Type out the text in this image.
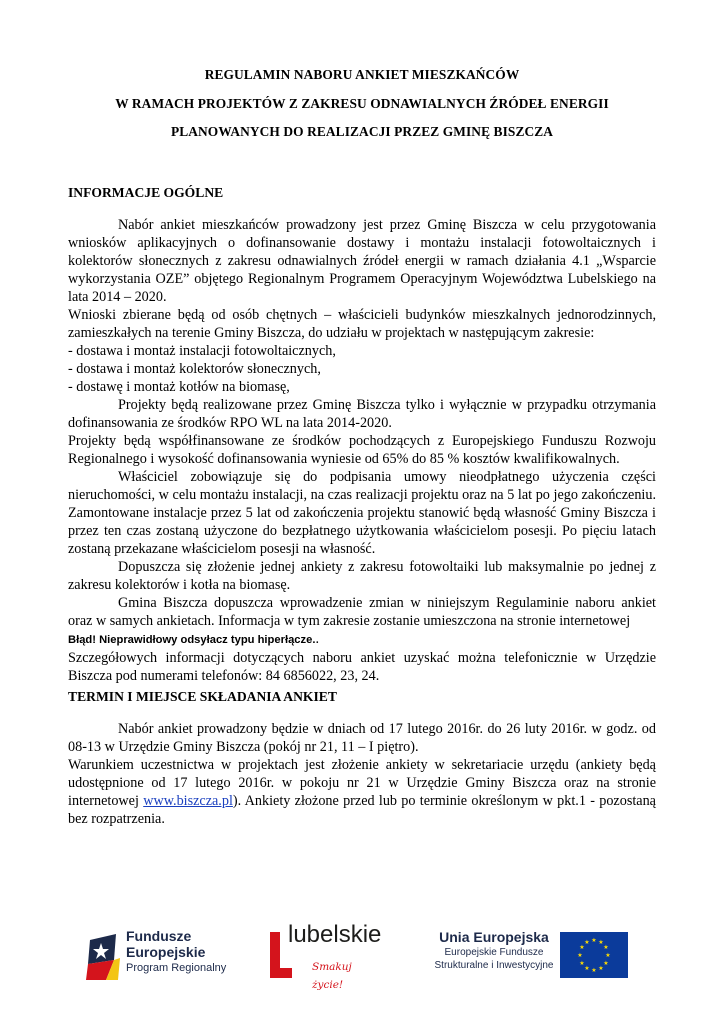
REGULAMIN NABORU ANKIET MIESZKAŃCÓW
W RAMACH PROJEKTÓW Z ZAKRESU ODNAWIALNYCH ŹRÓDEŁ ENERGII
PLANOWANYCH DO REALIZACJI PRZEZ GMINĘ BISZCZA
INFORMACJE OGÓLNE

Nabór ankiet mieszkańców prowadzony jest przez Gminę Biszcza w celu przygotowania wniosków aplikacyjnych o dofinansowanie dostawy i montażu instalacji fotowoltaicznych i kolektorów słonecznych z zakresu odnawialnych źródeł energii w ramach działania 4.1 „Wsparcie wykorzystania OZE” objętego Regionalnym Programem Operacyjnym Województwa Lubelskiego na lata 2014 – 2020.

Wnioski zbierane będą od osób chętnych – właścicieli budynków mieszkalnych jednorodzinnych, zamieszkałych na terenie Gminy Biszcza, do udziału w projektach w następującym zakresie:

- dostawa i montaż instalacji fotowoltaicznych,

- dostawa i montaż kolektorów słonecznych,

- dostawę i montaż kotłów na biomasę,

Projekty będą realizowane przez Gminę Biszcza tylko i wyłącznie w przypadku otrzymania dofinansowania ze środków RPO WL na lata 2014-2020.

Projekty będą współfinansowane ze środków pochodzących z Europejskiego Funduszu Rozwoju Regionalnego i wysokość dofinansowania wyniesie od 65% do 85 % kosztów kwalifikowalnych.

Właściciel zobowiązuje się do podpisania umowy nieodpłatnego użyczenia części nieruchomości, w celu montażu instalacji, na czas realizacji projektu oraz na 5 lat po jego zakończeniu. Zamontowane instalacje przez 5 lat od zakończenia projektu stanowić będą własność Gminy Biszcza i przez ten czas zostaną użyczone do bezpłatnego użytkowania właścicielom posesji. Po pięciu latach zostaną przekazane właścicielom posesji na własność.

Dopuszcza się złożenie jednej ankiety z zakresu fotowoltaiki lub maksymalnie po jednej z zakresu kolektorów i kotła na biomasę.

Gmina Biszcza dopuszcza wprowadzenie zmian w niniejszym Regulaminie naboru ankiet oraz w samych ankietach. Informacja w tym zakresie zostanie umieszczona na stronie internetowej

Błąd! Nieprawidłowy odsyłacz typu hiperłącze..

Szczegółowych informacji dotyczących naboru ankiet uzyskać można telefonicznie w Urzędzie Biszcza pod numerami telefonów: 84 6856022, 23, 24.

TERMIN I MIEJSCE SKŁADANIA ANKIET

Nabór ankiet prowadzony będzie w dniach od 17 lutego 2016r. do 26 luty 2016r. w godz. od 08-13 w Urzędzie Gminy Biszcza (pokój nr 21, 11 – I piętro).

Warunkiem uczestnictwa w projektach jest złożenie ankiety w sekretariacie urzędu (ankiety będą udostępnione od 17 lutego 2016r. w pokoju nr 21 w Urzędzie Gminy Biszcza oraz na stronie internetowej www.biszcza.pl). Ankiety złożone przed lub po terminie określonym w pkt.1 - pozostaną bez rozpatrzenia.

Fundusze
Europejskie
Program Regionalny
lubelskie
Smakuj życie!
Unia Europejska
Europejskie Fundusze
Strukturalne i Inwestycyjne
★ ★
★
★
★
★
★
★
★
★
★
★
